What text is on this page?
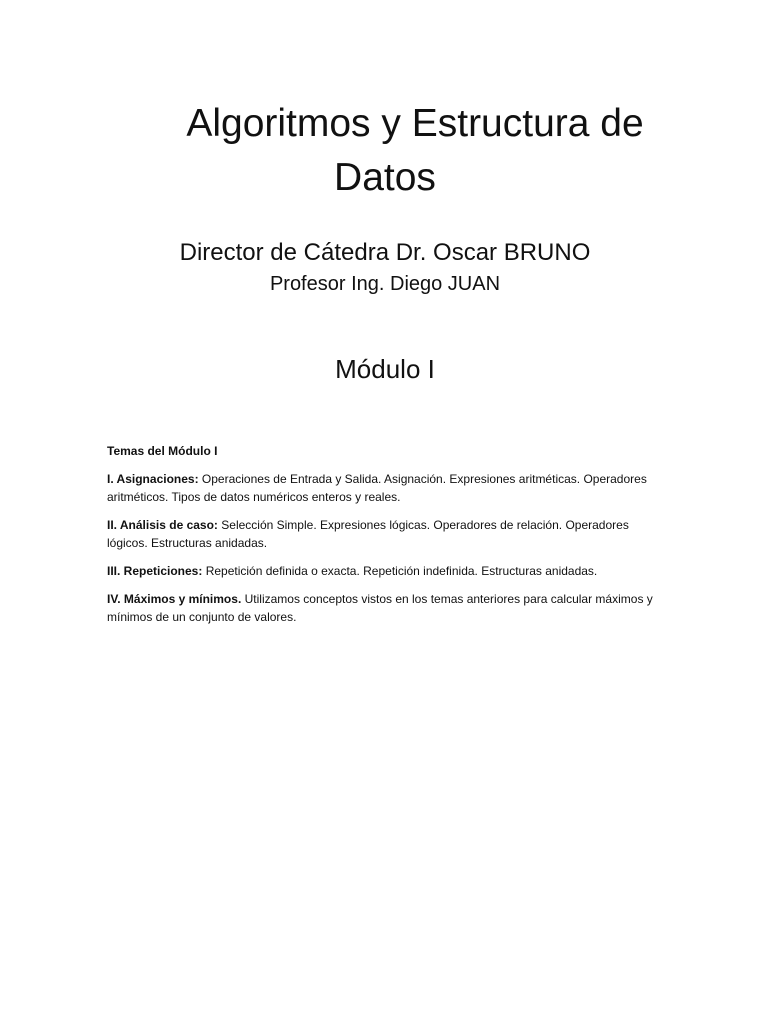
Algoritmos y Estructura de
Datos
Director de Cátedra Dr. Oscar BRUNO
Profesor Ing. Diego JUAN
Módulo I

Temas del Módulo I

I. Asignaciones: Operaciones de Entrada y Salida. Asignación. Expresiones aritméticas. Operadores aritméticos. Tipos de datos numéricos enteros y reales.

II. Análisis de caso: Selección Simple. Expresiones lógicas. Operadores de relación. Operadores lógicos. Estructuras anidadas.

III. Repeticiones: Repetición definida o exacta. Repetición indefinida. Estructuras anidadas.

IV. Máximos y mínimos. Utilizamos conceptos vistos en los temas anteriores para calcular máximos y mínimos de un conjunto de valores.
